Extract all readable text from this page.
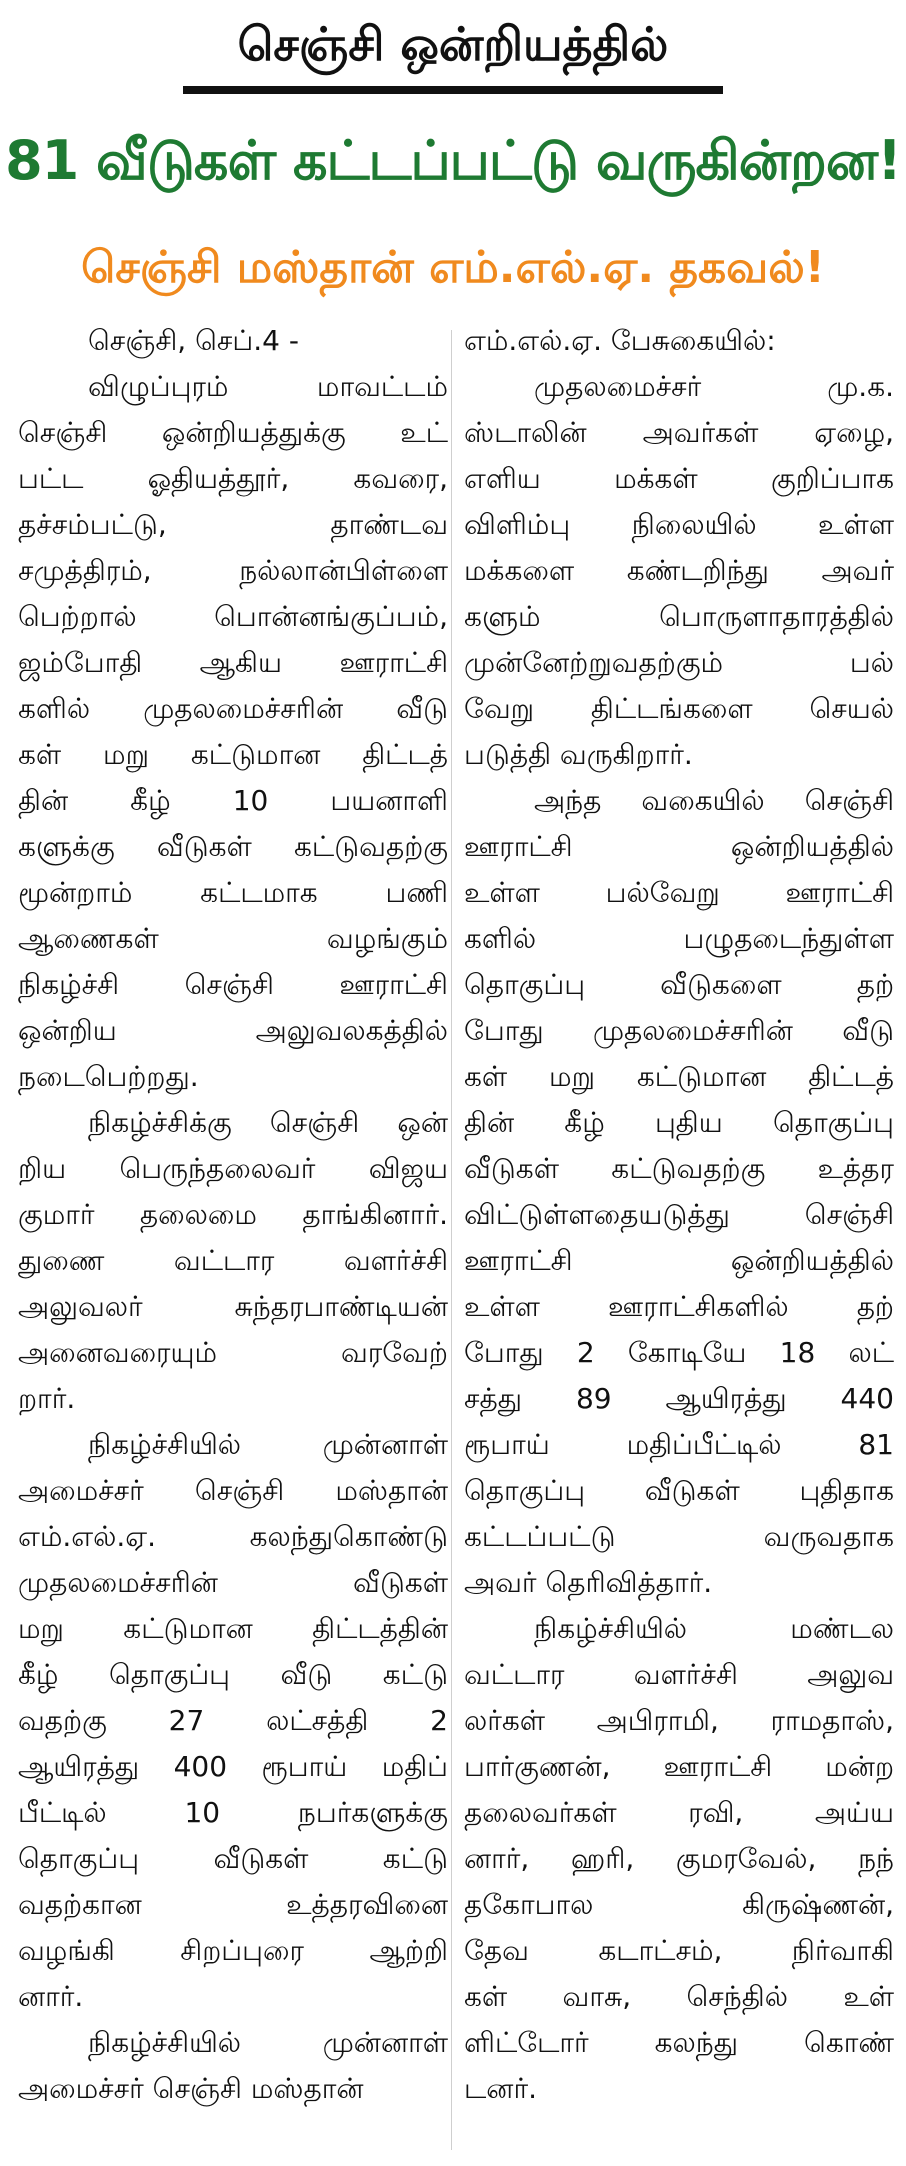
செஞ்சி ஒன்றியத்தில்
81 வீடுகள் கட்டப்பட்டு வருகின்றன!
செஞ்சி மஸ்தான் எம்.எல்.ஏ. தகவல்!
செஞ்சி, செப்.4 -
விழுப்புரம் மாவட்டம்
செஞ்சி ஒன்றியத்துக்கு உட்
பட்ட ஓதியத்தூர், கவரை,
தச்சம்பட்டு, தாண்டவ
சமுத்திரம், நல்லான்பிள்ளை
பெற்றால் பொன்னங்குப்பம்,
ஜம்போதி ஆகிய ஊராட்சி
களில் முதலமைச்சரின் வீடு
கள் மறு கட்டுமான திட்டத்
தின் கீழ் 10 பயனாளி
களுக்கு வீடுகள் கட்டுவதற்கு
மூன்றாம் கட்டமாக பணி
ஆணைகள் வழங்கும்
நிகழ்ச்சி செஞ்சி ஊராட்சி
ஒன்றிய அலுவலகத்தில்
நடைபெற்றது.
நிகழ்ச்சிக்கு செஞ்சி ஒன்
றிய பெருந்தலைவர் விஜய
குமார் தலைமை தாங்கினார்.
துணை வட்டார வளர்ச்சி
அலுவலர் சுந்தரபாண்டியன்
அனைவரையும் வரவேற்
றார்.
நிகழ்ச்சியில் முன்னாள்
அமைச்சர் செஞ்சி மஸ்தான்
எம்.எல்.ஏ. கலந்துகொண்டு
முதலமைச்சரின் வீடுகள்
மறு கட்டுமான திட்டத்தின்
கீழ் தொகுப்பு வீடு கட்டு
வதற்கு 27 லட்சத்தி 2
ஆயிரத்து 400 ரூபாய் மதிப்
பீட்டில் 10 நபர்களுக்கு
தொகுப்பு வீடுகள் கட்டு
வதற்கான உத்தரவினை
வழங்கி சிறப்புரை ஆற்றி
னார்.
நிகழ்ச்சியில் முன்னாள்
அமைச்சர் செஞ்சி மஸ்தான்
எம்.எல்.ஏ. பேசுகையில்:
முதலமைச்சர் மு.க.
ஸ்டாலின் அவர்கள் ஏழை,
எளிய மக்கள் குறிப்பாக
விளிம்பு நிலையில் உள்ள
மக்களை கண்டறிந்து அவர்
களும் பொருளாதாரத்தில்
முன்னேற்றுவதற்கும் பல்
வேறு திட்டங்களை செயல்
படுத்தி வருகிறார்.
அந்த வகையில் செஞ்சி
ஊராட்சி ஒன்றியத்தில்
உள்ள பல்வேறு ஊராட்சி
களில் பழுதடைந்துள்ள
தொகுப்பு வீடுகளை தற்
போது முதலமைச்சரின் வீடு
கள் மறு கட்டுமான திட்டத்
தின் கீழ் புதிய தொகுப்பு
வீடுகள் கட்டுவதற்கு உத்தர
விட்டுள்ளதையடுத்து செஞ்சி
ஊராட்சி ஒன்றியத்தில்
உள்ள ஊராட்சிகளில் தற்
போது 2 கோடியே 18 லட்
சத்து 89 ஆயிரத்து 440
ரூபாய் மதிப்பீட்டில் 81
தொகுப்பு வீடுகள் புதிதாக
கட்டப்பட்டு வருவதாக
அவர் தெரிவித்தார்.
நிகழ்ச்சியில் மண்டல
வட்டார வளர்ச்சி அலுவ
லர்கள் அபிராமி, ராமதாஸ்,
பார்குணன், ஊராட்சி மன்ற
தலைவர்கள் ரவி, அய்ய
னார், ஹரி, குமரவேல், நந்
தகோபால கிருஷ்ணன்,
தேவ கடாட்சம், நிர்வாகி
கள் வாசு, செந்தில் உள்
ளிட்டோர் கலந்து கொண்
டனர்.
